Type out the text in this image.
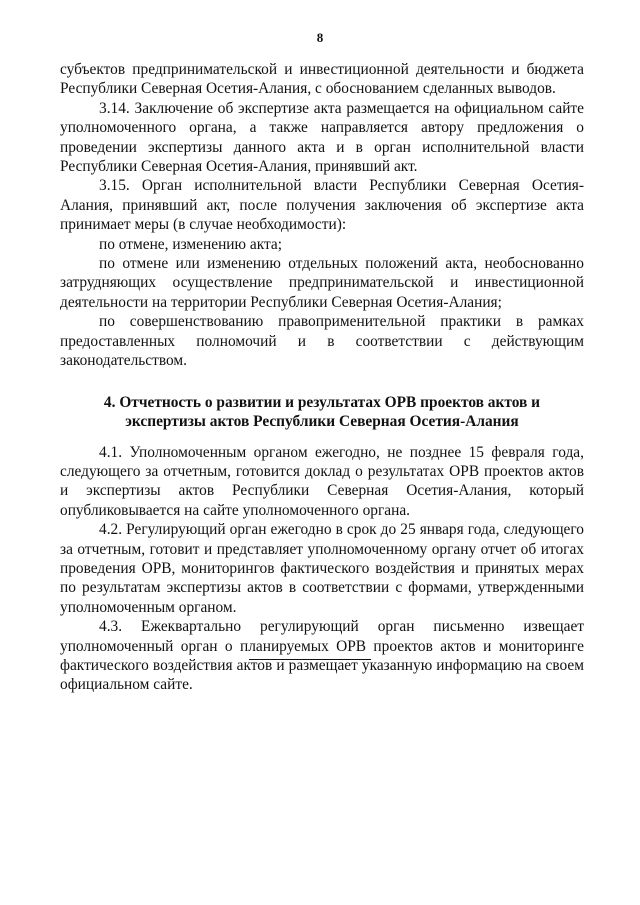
8

субъектов предпринимательской и инвестиционной деятельности и бюджета Республики Северная Осетия-Алания, с обоснованием сделанных выводов.

3.14. Заключение об экспертизе акта размещается на официальном сайте уполномоченного органа, а также направляется автору предложения о проведении экспертизы данного акта и в орган исполнительной власти Республики Северная Осетия-Алания, принявший акт.

3.15. Орган исполнительной власти Республики Северная Осетия-Алания, принявший акт, после получения заключения об экспертизе акта принимает меры (в случае необходимости):

по отмене, изменению акта;

по отмене или изменению отдельных положений акта, необоснованно затрудняющих осуществление предпринимательской и инвестиционной деятельности на территории Республики Северная Осетия-Алания;

по совершенствованию правоприменительной практики в рамках предоставленных полномочий и в соответствии с действующим законодательством.

4. Отчетность о развитии и результатах ОРВ проектов актов и
экспертизы актов Республики Северная Осетия-Алания

4.1. Уполномоченным органом ежегодно, не позднее 15 февраля года, следующего за отчетным, готовится доклад о результатах ОРВ проектов актов и экспертизы актов Республики Северная Осетия-Алания, который опубликовывается на сайте уполномоченного органа.

4.2. Регулирующий орган ежегодно в срок до 25 января года, следующего за отчетным, готовит и представляет уполномоченному органу отчет об итогах проведения ОРВ, мониторингов фактического воздействия и принятых мерах по результатам экспертизы актов в соответствии с формами, утвержденными уполномоченным органом.

4.3. Ежеквартально регулирующий орган письменно извещает уполномоченный орган о планируемых ОРВ проектов актов и мониторинге фактического воздействия актов и размещает указанную информацию на своем официальном сайте.
